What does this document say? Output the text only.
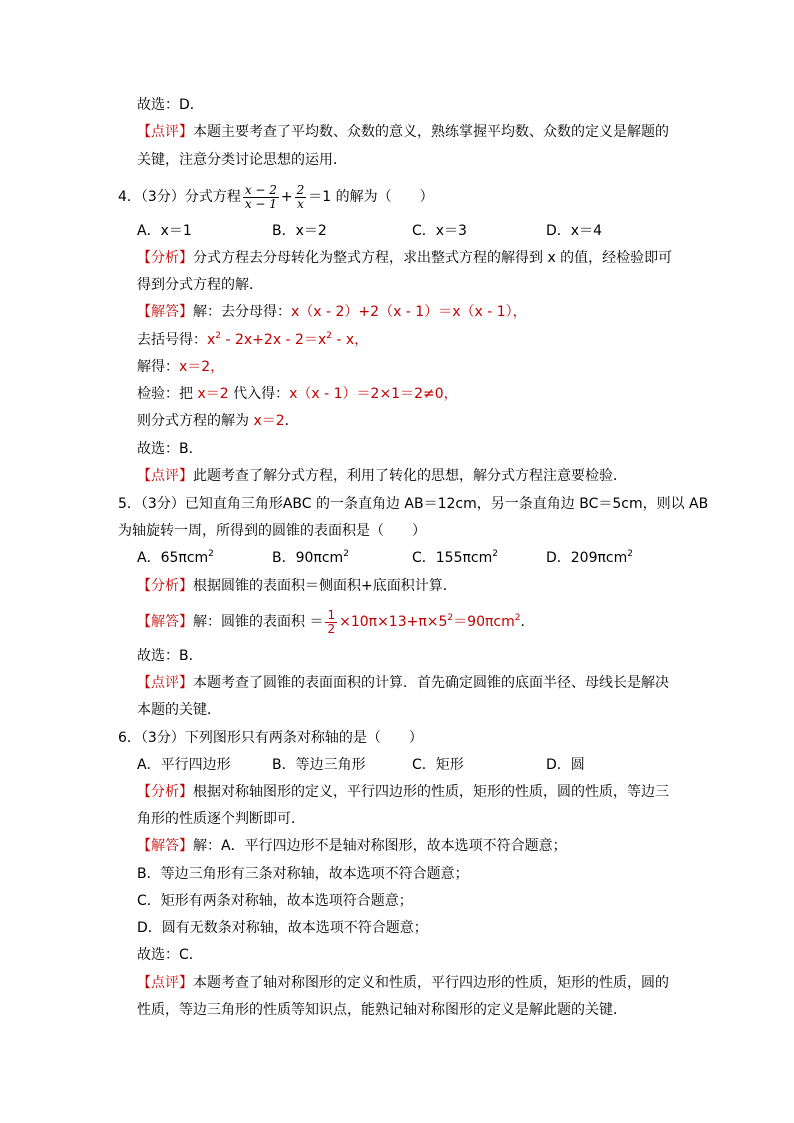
故选：D．
【点评】本题主要考查了平均数、众数的意义，熟练掌握平均数、众数的定义是解题的
关键，注意分类讨论思想的运用．
4．（3分）分式方程 $\frac{x - 2}{x - 1} + \frac{2}{x} =1$ 的解为（　　）
A．x＝1	B．x＝2	C．x＝3	D．x＝4
【分析】分式方程去分母转化为整式方程，求出整式方程的解得到 x 的值，经检验即可
得到分式方程的解．
【解答】解：去分母得：x（x - 2）+2（x - 1）＝x（x - 1），
去括号得：$x^2 - 2x+2x - 2=x^2 - x$，
解得：x＝2，
检验：把 x＝2 代入得：x（x - 1）＝2×1＝2≠0，
则分式方程的解为 x＝2．
故选：B．
【点评】此题考查了解分式方程，利用了转化的思想，解分式方程注意要检验．
5．（3分）已知直角三角形ABC 的一条直角边 AB＝12cm，另一条直角边 BC＝5cm，则以 AB
为轴旋转一周，所得到的圆锥的表面积是（　　）
A．65πcm$^2$	B．90πcm$^2$	C．155πcm$^2$	D．209πcm$^2$
【分析】根据圆锥的表面积＝侧面积+底面积计算．
【解答】解：圆锥的表面积 ＝ $\frac{1}{2} \times 10\pi\times 13+\pi\times 5^2=90\pi cm^2$．
故选：B．
【点评】本题考查了圆锥的表面面积的计算．首先确定圆锥的底面半径、母线长是解决
本题的关键．
6．（3分）下列图形只有两条对称轴的是（　　）
A．平行四边形	B．等边三角形	C．矩形	D．圆
【分析】根据对称轴图形的定义，平行四边形的性质，矩形的性质，圆的性质，等边三
角形的性质逐个判断即可．
【解答】解：A．平行四边形不是轴对称图形，故本选项不符合题意；
B．等边三角形有三条对称轴，故本选项不符合题意；
C．矩形有两条对称轴，故本选项符合题意；
D．圆有无数条对称轴，故本选项不符合题意；
故选：C．
【点评】本题考查了轴对称图形的定义和性质，平行四边形的性质，矩形的性质，圆的
性质，等边三角形的性质等知识点，能熟记轴对称图形的定义是解此题的关键．
